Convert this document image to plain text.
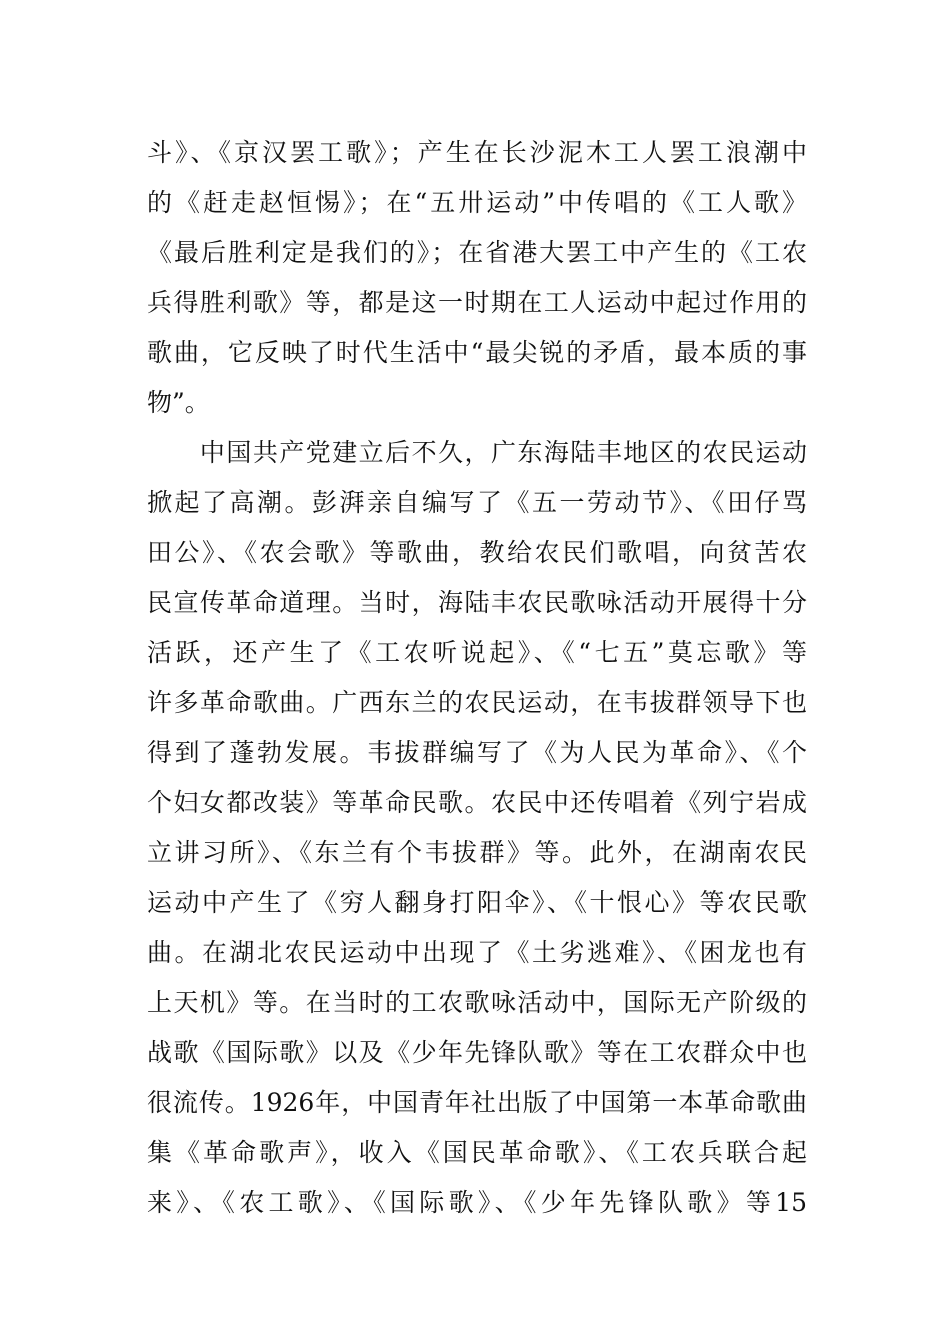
斗》、《京汉罢工歌》；产生在长沙泥木工人罢工浪潮中
的《赶走赵恒惕》；在“五卅运动”中传唱的《工人歌》
《最后胜利定是我们的》；在省港大罢工中产生的《工农
兵得胜利歌》等，都是这一时期在工人运动中起过作用的
歌曲，它反映了时代生活中“最尖锐的矛盾，最本质的事
物”。
　　中国共产党建立后不久，广东海陆丰地区的农民运动
掀起了高潮。彭湃亲自编写了《五一劳动节》、《田仔骂
田公》、《农会歌》等歌曲，教给农民们歌唱，向贫苦农
民宣传革命道理。当时，海陆丰农民歌咏活动开展得十分
活跃，还产生了《工农听说起》、《“七五”莫忘歌》等
许多革命歌曲。广西东兰的农民运动，在韦拔群领导下也
得到了蓬勃发展。韦拔群编写了《为人民为革命》、《个
个妇女都改装》等革命民歌。农民中还传唱着《列宁岩成
立讲习所》、《东兰有个韦拔群》等。此外，在湖南农民
运动中产生了《穷人翻身打阳伞》、《十恨心》等农民歌
曲。在湖北农民运动中出现了《土劣逃难》、《困龙也有
上天机》等。在当时的工农歌咏活动中，国际无产阶级的
战歌《国际歌》以及《少年先锋队歌》等在工农群众中也
很流传。1926年，中国青年社出版了中国第一本革命歌曲
集《革命歌声》，收入《国民革命歌》、《工农兵联合起
来》、《农工歌》、《国际歌》、《少年先锋队歌》等15
